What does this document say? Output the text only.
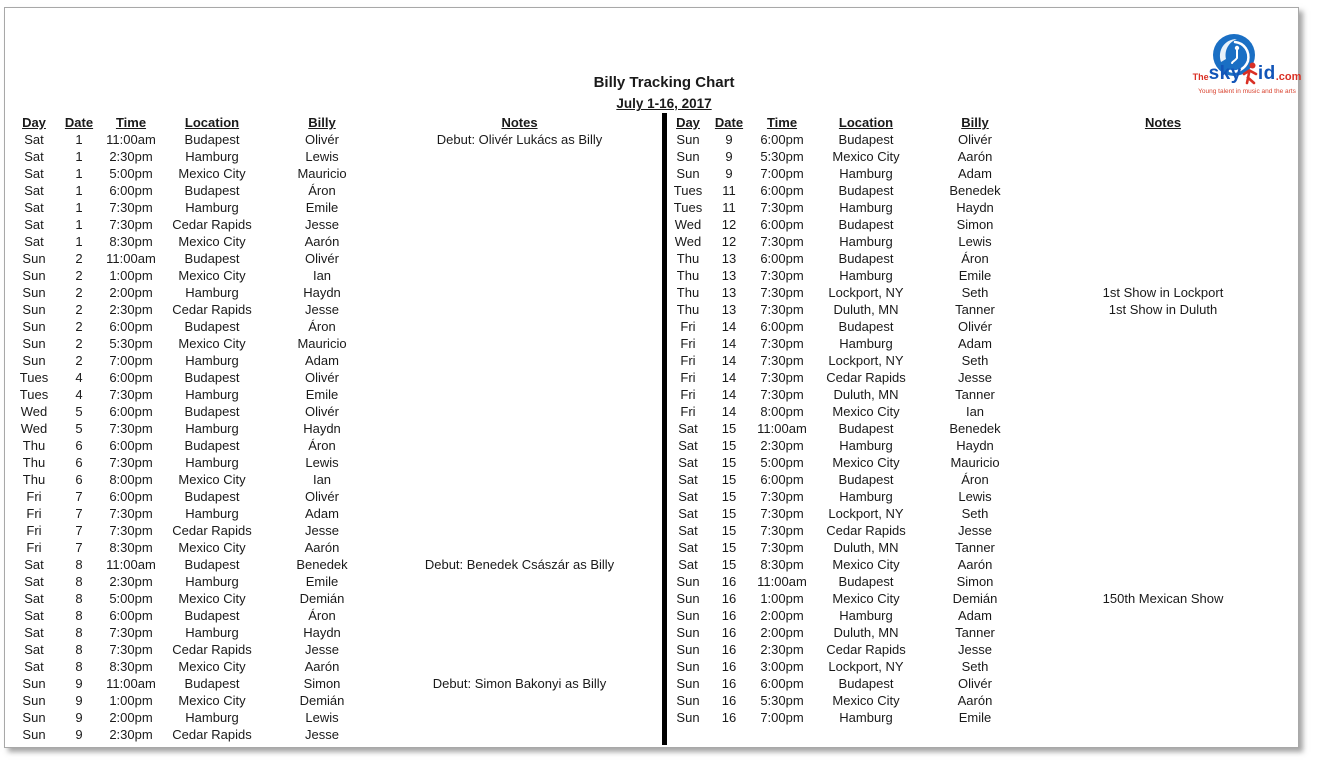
Billy Tracking Chart
July 1-16, 2017
The sky id .com
Young talent in music and the arts
Day	Date	Time	Location	Billy	Notes
Sat	1	11:00am	Budapest	Olivér	Debut: Olivér Lukács as Billy
Sat	1	2:30pm	Hamburg	Lewis
Sat	1	5:00pm	Mexico City	Mauricio
Sat	1	6:00pm	Budapest	Áron
Sat	1	7:30pm	Hamburg	Emile
Sat	1	7:30pm	Cedar Rapids	Jesse
Sat	1	8:30pm	Mexico City	Aarón
Sun	2	11:00am	Budapest	Olivér
Sun	2	1:00pm	Mexico City	Ian
Sun	2	2:00pm	Hamburg	Haydn
Sun	2	2:30pm	Cedar Rapids	Jesse
Sun	2	6:00pm	Budapest	Áron
Sun	2	5:30pm	Mexico City	Mauricio
Sun	2	7:00pm	Hamburg	Adam
Tues	4	6:00pm	Budapest	Olivér
Tues	4	7:30pm	Hamburg	Emile
Wed	5	6:00pm	Budapest	Olivér
Wed	5	7:30pm	Hamburg	Haydn
Thu	6	6:00pm	Budapest	Áron
Thu	6	7:30pm	Hamburg	Lewis
Thu	6	8:00pm	Mexico City	Ian
Fri	7	6:00pm	Budapest	Olivér
Fri	7	7:30pm	Hamburg	Adam
Fri	7	7:30pm	Cedar Rapids	Jesse
Fri	7	8:30pm	Mexico City	Aarón
Sat	8	11:00am	Budapest	Benedek	Debut: Benedek Császár as Billy
Sat	8	2:30pm	Hamburg	Emile
Sat	8	5:00pm	Mexico City	Demián
Sat	8	6:00pm	Budapest	Áron
Sat	8	7:30pm	Hamburg	Haydn
Sat	8	7:30pm	Cedar Rapids	Jesse
Sat	8	8:30pm	Mexico City	Aarón
Sun	9	11:00am	Budapest	Simon	Debut: Simon Bakonyi as Billy
Sun	9	1:00pm	Mexico City	Demián
Sun	9	2:00pm	Hamburg	Lewis
Sun	9	2:30pm	Cedar Rapids	Jesse
Day	Date	Time	Location	Billy	Notes
Sun	9	6:00pm	Budapest	Olivér
Sun	9	5:30pm	Mexico City	Aarón
Sun	9	7:00pm	Hamburg	Adam
Tues	11	6:00pm	Budapest	Benedek
Tues	11	7:30pm	Hamburg	Haydn
Wed	12	6:00pm	Budapest	Simon
Wed	12	7:30pm	Hamburg	Lewis
Thu	13	6:00pm	Budapest	Áron
Thu	13	7:30pm	Hamburg	Emile
Thu	13	7:30pm	Lockport, NY	Seth	1st Show in Lockport
Thu	13	7:30pm	Duluth, MN	Tanner	1st Show in Duluth
Fri	14	6:00pm	Budapest	Olivér
Fri	14	7:30pm	Hamburg	Adam
Fri	14	7:30pm	Lockport, NY	Seth
Fri	14	7:30pm	Cedar Rapids	Jesse
Fri	14	7:30pm	Duluth, MN	Tanner
Fri	14	8:00pm	Mexico City	Ian
Sat	15	11:00am	Budapest	Benedek
Sat	15	2:30pm	Hamburg	Haydn
Sat	15	5:00pm	Mexico City	Mauricio
Sat	15	6:00pm	Budapest	Áron
Sat	15	7:30pm	Hamburg	Lewis
Sat	15	7:30pm	Lockport, NY	Seth
Sat	15	7:30pm	Cedar Rapids	Jesse
Sat	15	7:30pm	Duluth, MN	Tanner
Sat	15	8:30pm	Mexico City	Aarón
Sun	16	11:00am	Budapest	Simon
Sun	16	1:00pm	Mexico City	Demián	150th Mexican Show
Sun	16	2:00pm	Hamburg	Adam
Sun	16	2:00pm	Duluth, MN	Tanner
Sun	16	2:30pm	Cedar Rapids	Jesse
Sun	16	3:00pm	Lockport, NY	Seth
Sun	16	6:00pm	Budapest	Olivér
Sun	16	5:30pm	Mexico City	Aarón
Sun	16	7:00pm	Hamburg	Emile
